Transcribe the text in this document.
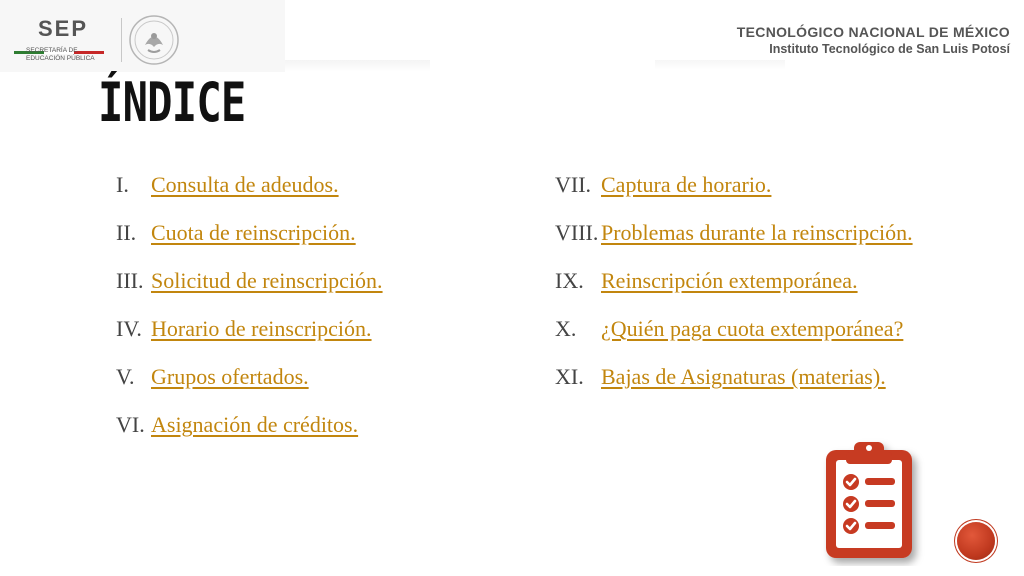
SEP
SECRETARÍA DE
EDUCACIÓN PÚBLICA
TECNOLÓGICO NACIONAL DE MÉXICO
Instituto Tecnológico de San Luis Potosí
ÍNDICE
I. Consulta de adeudos.
II. Cuota de reinscripción.
III. Solicitud de reinscripción.
IV. Horario de reinscripción.
V. Grupos ofertados.
VI. Asignación de créditos.
VII. Captura de horario.
VIII. Problemas durante la reinscripción.
IX. Reinscripción extemporánea.
X. ¿Quién paga cuota extemporánea?
XI. Bajas de Asignaturas (materias).
